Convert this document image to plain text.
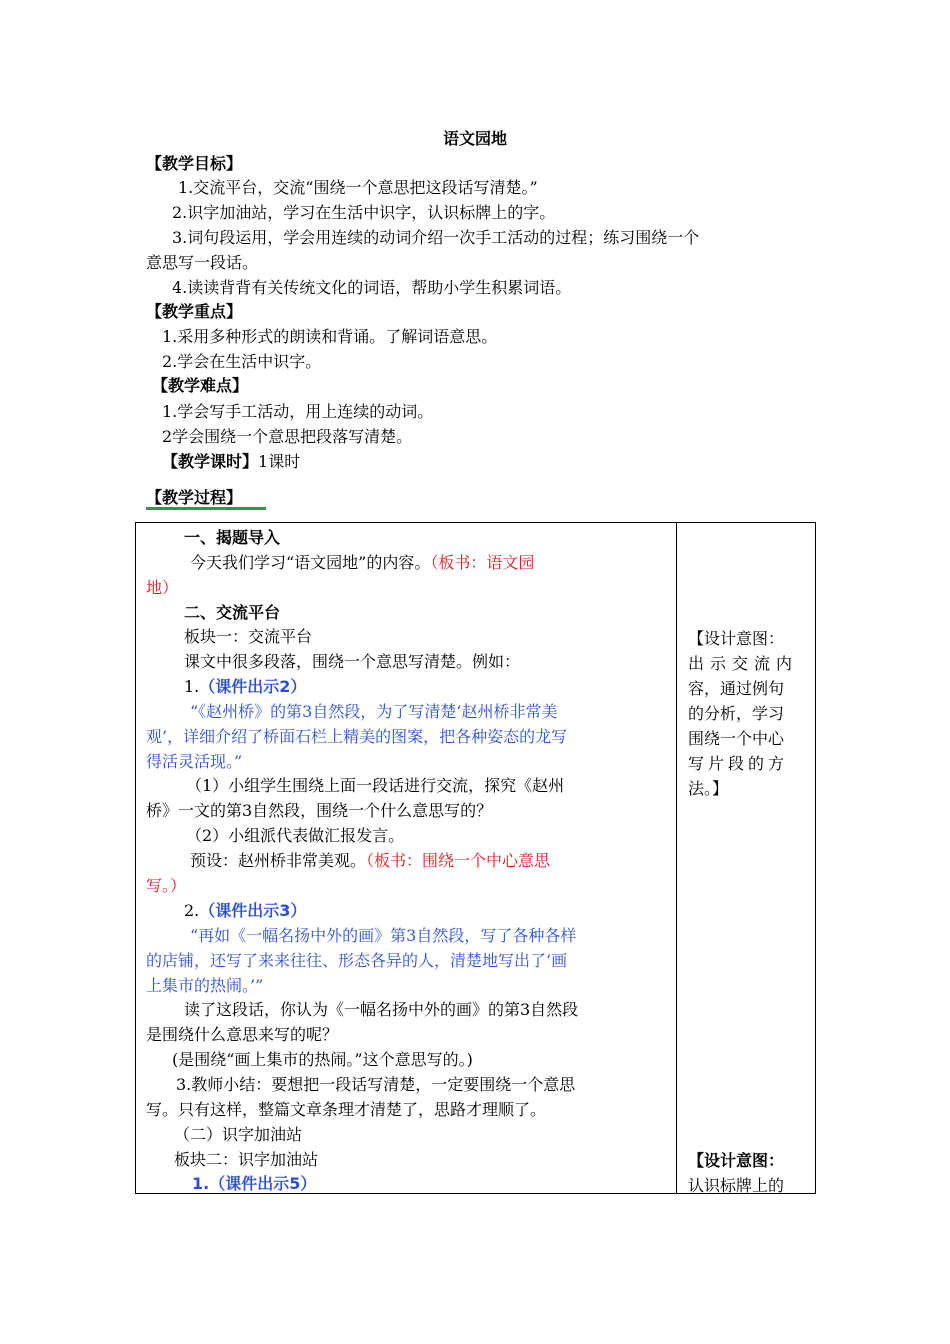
语文园地
【教学目标】
1.交流平台，交流“围绕一个意思把这段话写清楚。”
2.识字加油站，学习在生活中识字，认识标牌上的字。
3.词句段运用，学会用连续的动词介绍一次手工活动的过程；练习围绕一个
意思写一段话。
4.读读背背有关传统文化的词语，帮助小学生积累词语。
【教学重点】
1.采用多种形式的朗读和背诵。了解词语意思。
2.学会在生活中识字。
【教学难点】
1.学会写手工活动，用上连续的动词。
2学会围绕一个意思把段落写清楚。
【教学课时】1课时
【教学过程】
一、揭题导入
今天我们学习“语文园地”的内容。（板书：语文园
地）
二、交流平台
板块一：交流平台
课文中很多段落，围绕一个意思写清楚。例如：
1.（课件出示2）
“《赵州桥》的第3自然段，为了写清楚‘赵州桥非常美
观’，详细介绍了桥面石栏上精美的图案，把各种姿态的龙写
得活灵活现。”
（1）小组学生围绕上面一段话进行交流，探究《赵州
桥》一文的第3自然段，围绕一个什么意思写的？
（2）小组派代表做汇报发言。
预设：赵州桥非常美观。（板书：围绕一个中心意思
写。）
2.（课件出示3）
“再如《一幅名扬中外的画》第3自然段，写了各种各样
的店铺，还写了来来往往、形态各异的人，清楚地写出了‘画
上集市的热闹。’”
读了这段话，你认为《一幅名扬中外的画》的第3自然段
是围绕什么意思来写的呢？
(是围绕“画上集市的热闹。”这个意思写的。)
3.教师小结：要想把一段话写清楚，一定要围绕一个意思
写。只有这样，整篇文章条理才清楚了，思路才理顺了。
（二）识字加油站
板块二：识字加油站
1.（课件出示5）
【设计意图：
出示交流内
容，通过例句
的分析，学习
围绕一个中心
写片段的方
法。】
【设计意图：
认识标牌上的
